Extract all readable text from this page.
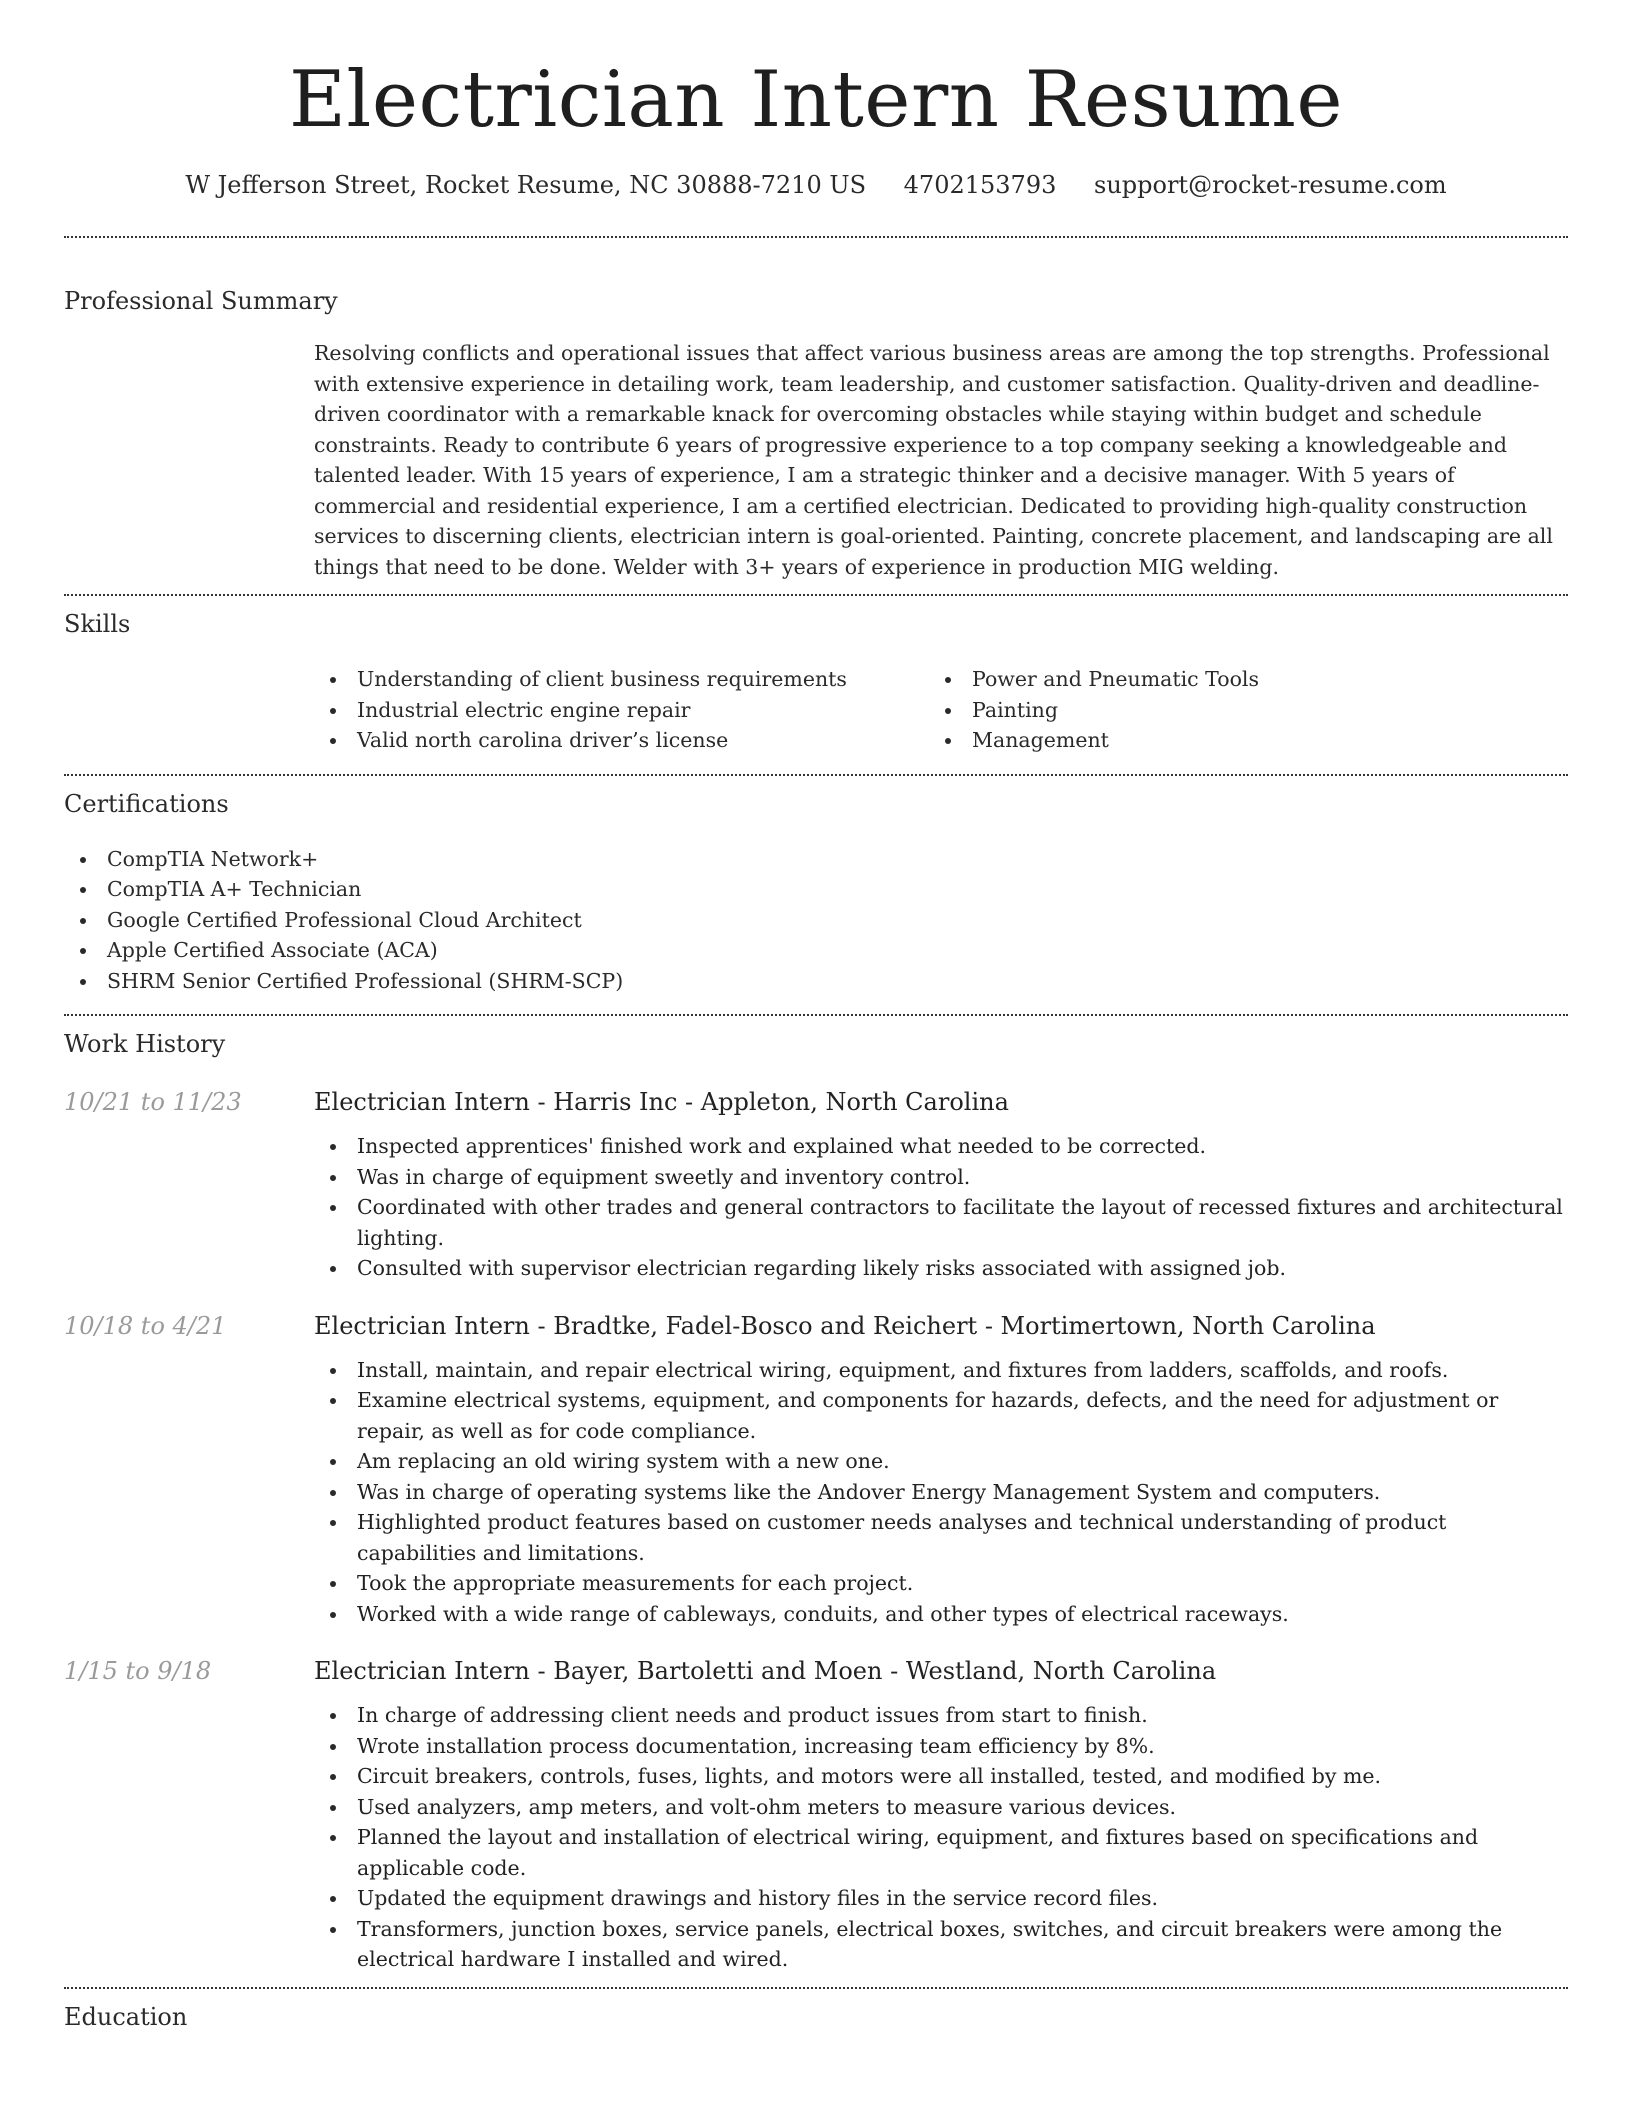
Electrician Intern Resume
W Jefferson Street, Rocket Resume, NC 30888-7210 US 4702153793 support@rocket-resume.com
Professional Summary

Resolving conflicts and operational issues that affect various business areas are among the top strengths. Professional with extensive experience in detailing work, team leadership, and customer satisfaction. Quality-driven and deadline-driven coordinator with a remarkable knack for overcoming obstacles while staying within budget and schedule constraints. Ready to contribute 6 years of progressive experience to a top company seeking a knowledgeable and talented leader. With 15 years of experience, I am a strategic thinker and a decisive manager. With 5 years of commercial and residential experience, I am a certified electrician. Dedicated to providing high-quality construction services to discerning clients, electrician intern is goal-oriented. Painting, concrete placement, and landscaping are all things that need to be done. Welder with 3+ years of experience in production MIG welding.

Skills
Understanding of client business requirements
Industrial electric engine repair
Valid north carolina driver’s license
Power and Pneumatic Tools
Painting
Management
Certifications
CompTIA Network+
CompTIA A+ Technician
Google Certified Professional Cloud Architect
Apple Certified Associate (ACA)
SHRM Senior Certified Professional (SHRM-SCP)
Work History
10/21 to 11/23	Electrician Intern - Harris Inc - Appleton, North Carolina
Inspected apprentices' finished work and explained what needed to be corrected.
Was in charge of equipment sweetly and inventory control.
Coordinated with other trades and general contractors to facilitate the layout of recessed fixtures and architectural lighting.
Consulted with supervisor electrician regarding likely risks associated with assigned job.
10/18 to 4/21	Electrician Intern - Bradtke, Fadel-Bosco and Reichert - Mortimertown, North Carolina
Install, maintain, and repair electrical wiring, equipment, and fixtures from ladders, scaffolds, and roofs.
Examine electrical systems, equipment, and components for hazards, defects, and the need for adjustment or repair, as well as for code compliance.
Am replacing an old wiring system with a new one.
Was in charge of operating systems like the Andover Energy Management System and computers.
Highlighted product features based on customer needs analyses and technical understanding of product capabilities and limitations.
Took the appropriate measurements for each project.
Worked with a wide range of cableways, conduits, and other types of electrical raceways.
1/15 to 9/18	Electrician Intern - Bayer, Bartoletti and Moen - Westland, North Carolina
In charge of addressing client needs and product issues from start to finish.
Wrote installation process documentation, increasing team efficiency by 8%.
Circuit breakers, controls, fuses, lights, and motors were all installed, tested, and modified by me.
Used analyzers, amp meters, and volt-ohm meters to measure various devices.
Planned the layout and installation of electrical wiring, equipment, and fixtures based on specifications and applicable code.
Updated the equipment drawings and history files in the service record files.
Transformers, junction boxes, service panels, electrical boxes, switches, and circuit breakers were among the electrical hardware I installed and wired.
Education
